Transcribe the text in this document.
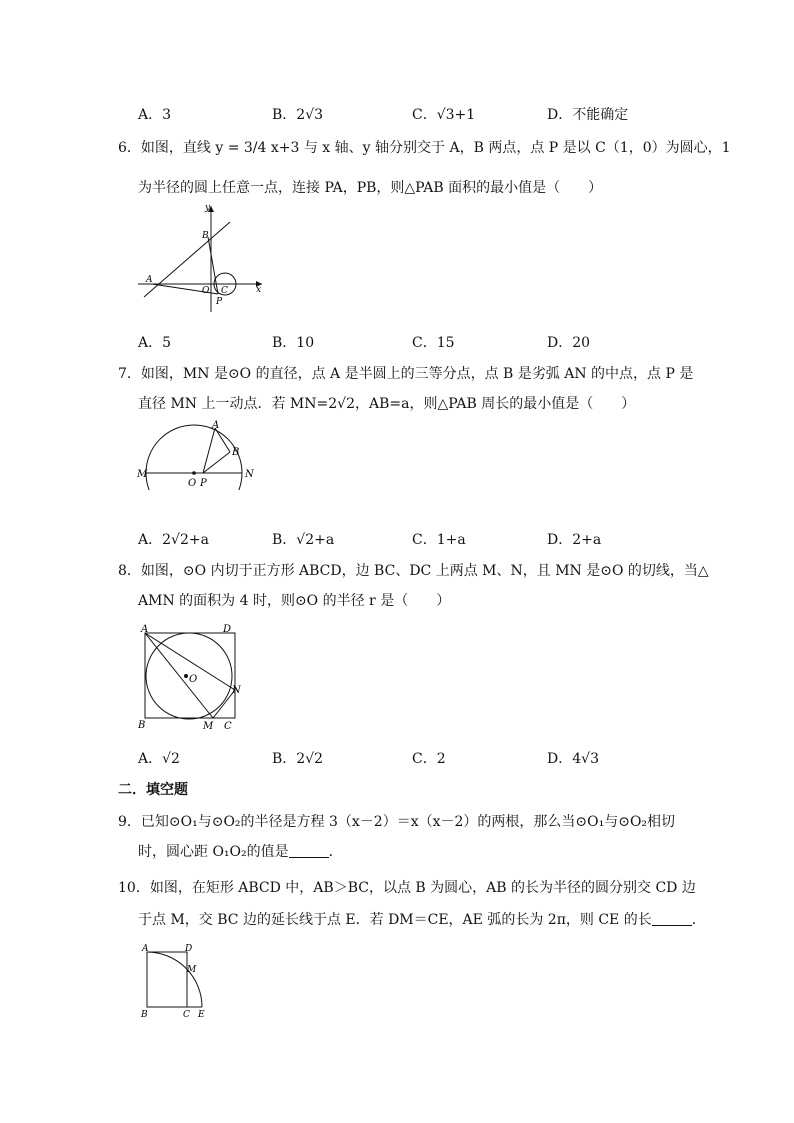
A．3	B．2√3	C．√3+1	D．不能确定
6．如图，直线 y = 3/4 x+3 与 x 轴、y 轴分别交于 A，B 两点，点 P 是以 C（1，0）为圆心，1
为半径的圆上任意一点，连接 PA，PB，则△PAB 面积的最小值是（　　）
y
x
A
B
O C
P
A．5	B．10	C．15	D．20
7．如图，MN 是⊙O 的直径，点 A 是半圆上的三等分点，点 B 是劣弧 AN 的中点，点 P 是
直径 MN 上一动点．若 MN=2√2，AB=a，则△PAB 周长的最小值是（　　）
M	N
O P
A
B
A．2√2+a	B．√2+a	C．1+a	D．2+a
8．如图，⊙O 内切于正方形 ABCD，边 BC、DC 上两点 M、N，且 MN 是⊙O 的切线，当△
AMN 的面积为 4 时，则⊙O 的半径 r 是（　　）
A	D
B	C
M
N
O
A．√2	B．2√2	C．2	D．4√3
二．填空题
9．已知⊙O₁与⊙O₂的半径是方程 3（x－2）＝x（x－2）的两根，那么当⊙O₁与⊙O₂相切
时，圆心距 O₁O₂的值是	．
10．如图，在矩形 ABCD 中，AB＞BC，以点 B 为圆心，AB 的长为半径的圆分别交 CD 边
于点 M，交 BC 边的延长线于点 E．若 DM＝CE，AE 弧的长为 2π，则 CE 的长	．
A	D
M
B	C E
